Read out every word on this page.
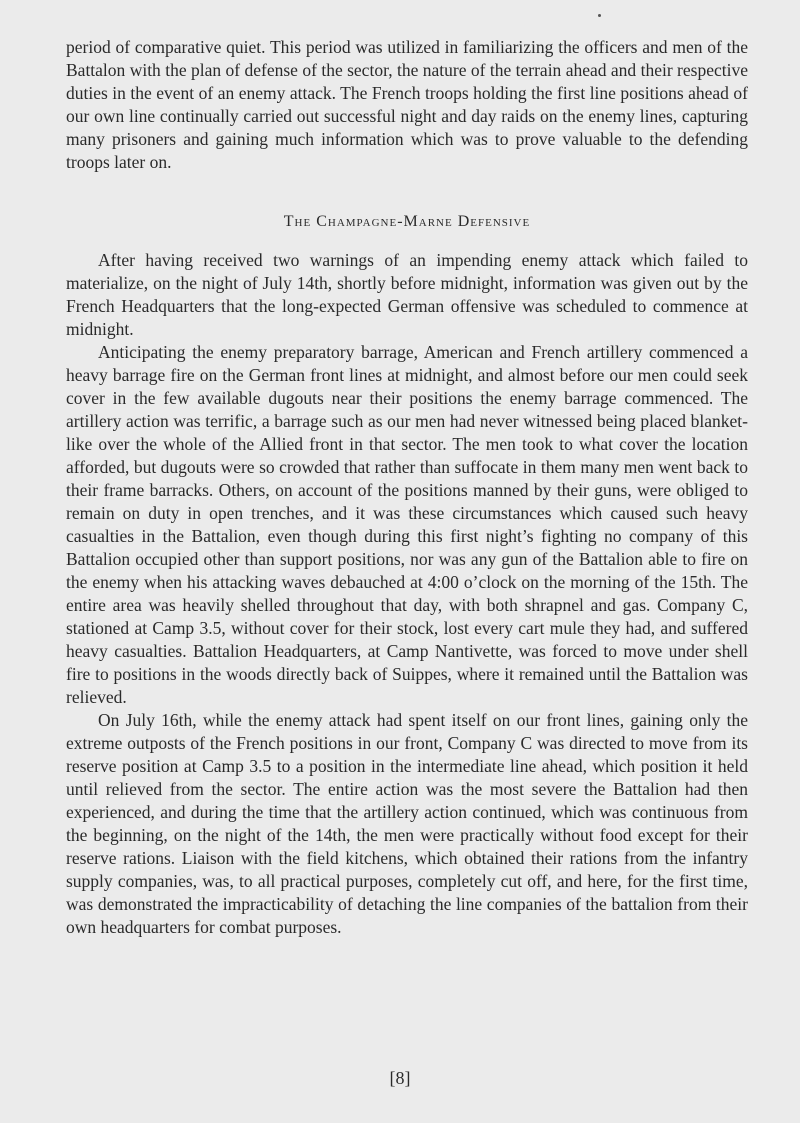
period of comparative quiet. This period was utilized in familiarizing the officers and men of the Battalon with the plan of defense of the sector, the nature of the terrain ahead and their respective duties in the event of an enemy attack. The French troops holding the first line positions ahead of our own line continually carried out successful night and day raids on the enemy lines, capturing many prisoners and gaining much information which was to prove valuable to the defending troops later on.

The Champagne-Marne Defensive

After having received two warnings of an impending enemy attack which failed to materialize, on the night of July 14th, shortly before midnight, information was given out by the French Headquarters that the long-expected German offensive was scheduled to commence at midnight.

Anticipating the enemy preparatory barrage, American and French artillery commenced a heavy barrage fire on the German front lines at midnight, and almost before our men could seek cover in the few available dugouts near their positions the enemy barrage commenced. The artillery action was terrific, a barrage such as our men had never witnessed being placed blanketlike over the whole of the Allied front in that sector. The men took to what cover the location afforded, but dugouts were so crowded that rather than suffocate in them many men went back to their frame barracks. Others, on account of the positions manned by their guns, were obliged to remain on duty in open trenches, and it was these circumstances which caused such heavy casualties in the Battalion, even though during this first night’s fighting no company of this Battalion occupied other than support positions, nor was any gun of the Battalion able to fire on the enemy when his attacking waves debauched at 4:00 o’clock on the morning of the 15th. The entire area was heavily shelled throughout that day, with both shrapnel and gas. Company C, stationed at Camp 3.5, without cover for their stock, lost every cart mule they had, and suffered heavy casualties. Battalion Headquarters, at Camp Nantivette, was forced to move under shell fire to positions in the woods directly back of Suippes, where it remained until the Battalion was relieved.

On July 16th, while the enemy attack had spent itself on our front lines, gaining only the extreme outposts of the French positions in our front, Company C was directed to move from its reserve position at Camp 3.5 to a position in the intermediate line ahead, which position it held until relieved from the sector. The entire action was the most severe the Battalion had then experienced, and during the time that the artillery action continued, which was continuous from the beginning, on the night of the 14th, the men were practically without food except for their reserve rations. Liaison with the field kitchens, which obtained their rations from the infantry supply companies, was, to all practical purposes, completely cut off, and here, for the first time, was demonstrated the impracticability of detaching the line companies of the battalion from their own headquarters for combat purposes.

[8]
